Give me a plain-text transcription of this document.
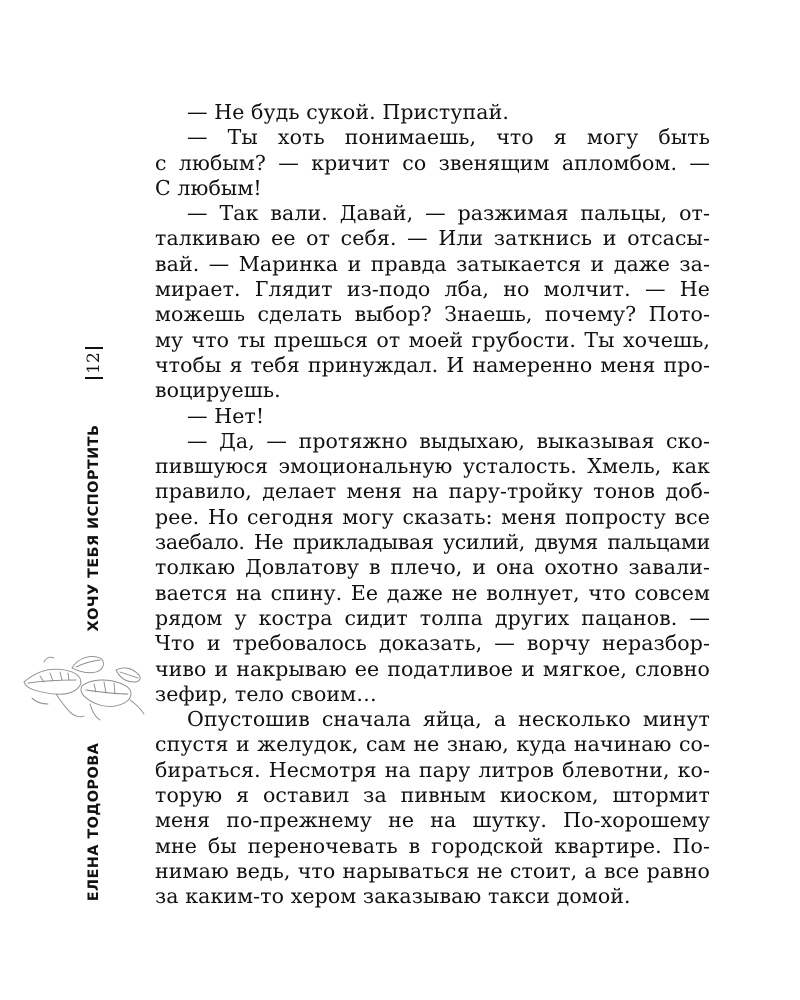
12
ХОЧУ ТЕБЯ ИСПОРТИТЬ
ЕЛЕНА ТОДОРОВА
— Не будь сукой. Приступай.
— Ты хоть понимаешь, что я могу быть
с любым? — кричит со звенящим апломбом. —
С любым!
— Так вали. Давай, — разжимая пальцы, от-
талкиваю ее от себя. — Или заткнись и отсасы-
вай. — Маринка и правда затыкается и даже за-
мирает. Глядит из-подо лба, но молчит. — Не
можешь сделать выбор? Знаешь, почему? Пото-
му что ты прешься от моей грубости. Ты хочешь,
чтобы я тебя принуждал. И намеренно меня про-
воцируешь.
— Нет!
— Да, — протяжно выдыхаю, выказывая ско-
пившуюся эмоциональную усталость. Хмель, как
правило, делает меня на пару-тройку тонов доб-
рее. Но сегодня могу сказать: меня попросту все
заебало. Не прикладывая усилий, двумя пальцами
толкаю Довлатову в плечо, и она охотно завали-
вается на спину. Ее даже не волнует, что совсем
рядом у костра сидит толпа других пацанов. —
Что и требовалось доказать, — ворчу неразбор-
чиво и накрываю ее податливое и мягкое, словно
зефир, тело своим…
Опустошив сначала яйца, а несколько минут
спустя и желудок, сам не знаю, куда начинаю со-
бираться. Несмотря на пару литров блевотни, ко-
торую я оставил за пивным киоском, штормит
меня по-прежнему не на шутку. По-хорошему
мне бы переночевать в городской квартире. По-
нимаю ведь, что нарываться не стоит, а все равно
за каким-то хером заказываю такси домой.
